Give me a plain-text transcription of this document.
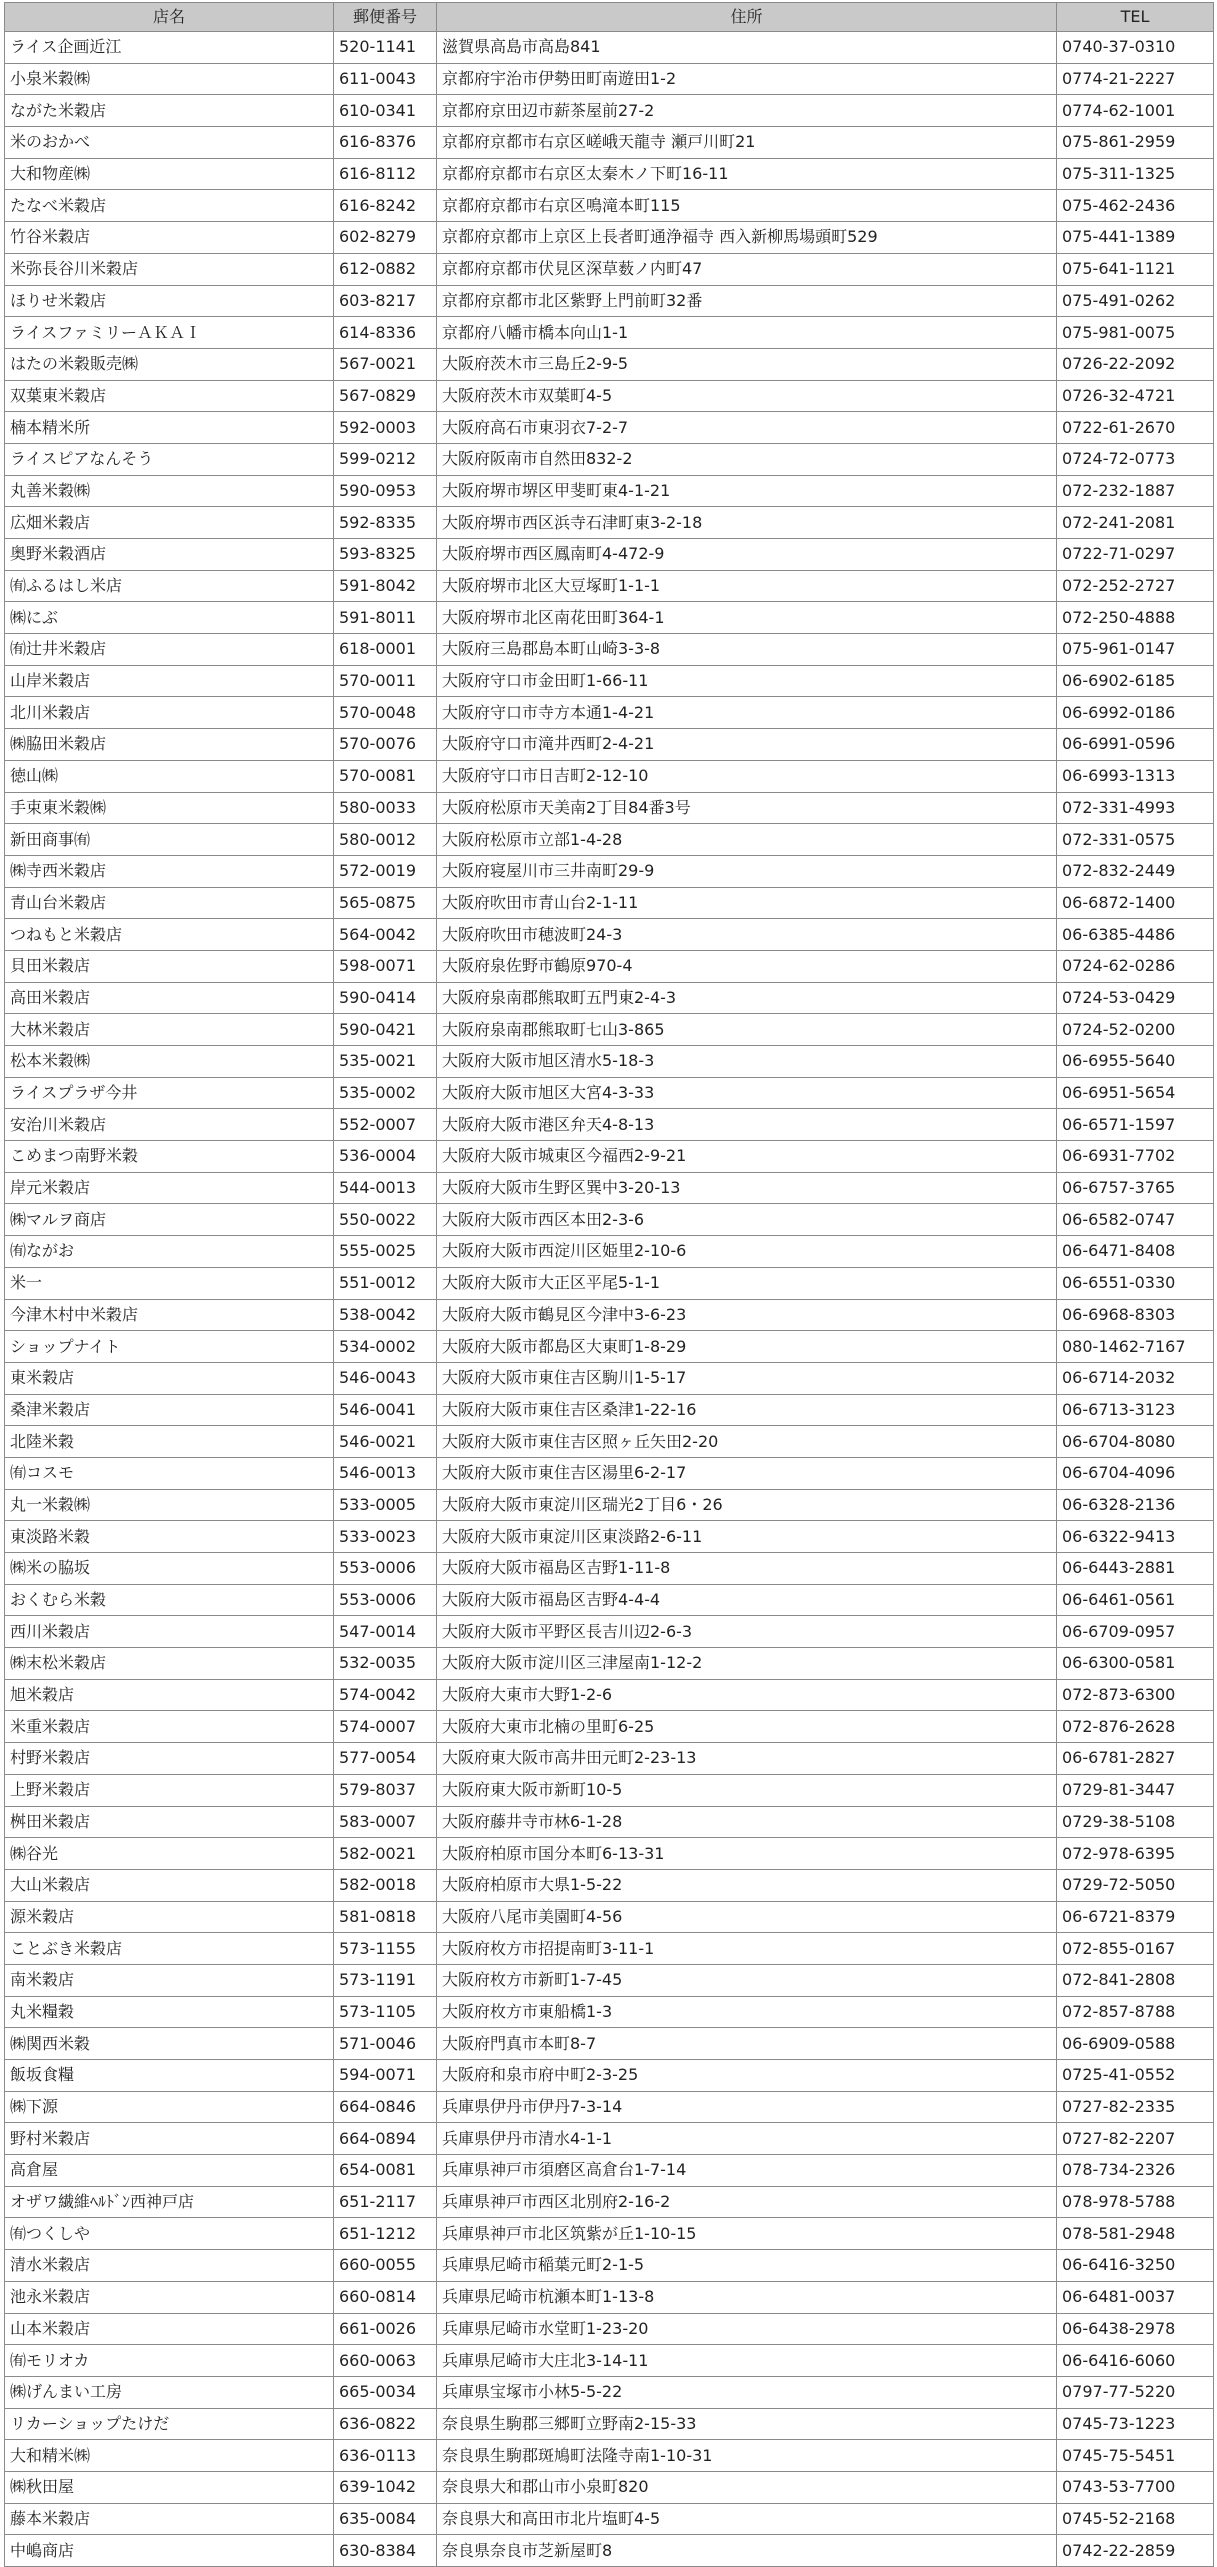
店名	郵便番号	住所	TEL
ライス企画近江	520-1141	滋賀県高島市高島841	0740-37-0310
小泉米穀㈱	611-0043	京都府宇治市伊勢田町南遊田1-2	0774-21-2227
ながた米穀店	610-0341	京都府京田辺市薪茶屋前27-2	0774-62-1001
米のおかべ	616-8376	京都府京都市右京区嵯峨天龍寺 瀬戸川町21	075-861-2959
大和物産㈱	616-8112	京都府京都市右京区太秦木ノ下町16-11	075-311-1325
たなべ米穀店	616-8242	京都府京都市右京区鳴滝本町115	075-462-2436
竹谷米穀店	602-8279	京都府京都市上京区上長者町通浄福寺 西入新柳馬場頭町529	075-441-1389
米弥長谷川米穀店	612-0882	京都府京都市伏見区深草薮ノ内町47	075-641-1121
ほりせ米穀店	603-8217	京都府京都市北区紫野上門前町32番	075-491-0262
ライスファミリーＡＫＡＩ	614-8336	京都府八幡市橋本向山1-1	075-981-0075
はたの米穀販売㈱	567-0021	大阪府茨木市三島丘2-9-5	0726-22-2092
双葉東米穀店	567-0829	大阪府茨木市双葉町4-5	0726-32-4721
楠本精米所	592-0003	大阪府高石市東羽衣7-2-7	0722-61-2670
ライスピアなんそう	599-0212	大阪府阪南市自然田832-2	0724-72-0773
丸善米穀㈱	590-0953	大阪府堺市堺区甲斐町東4-1-21	072-232-1887
広畑米穀店	592-8335	大阪府堺市西区浜寺石津町東3-2-18	072-241-2081
奥野米穀酒店	593-8325	大阪府堺市西区鳳南町4-472-9	0722-71-0297
㈲ふるはし米店	591-8042	大阪府堺市北区大豆塚町1-1-1	072-252-2727
㈱にぶ	591-8011	大阪府堺市北区南花田町364-1	072-250-4888
㈲辻井米穀店	618-0001	大阪府三島郡島本町山崎3-3-8	075-961-0147
山岸米穀店	570-0011	大阪府守口市金田町1-66-11	06-6902-6185
北川米穀店	570-0048	大阪府守口市寺方本通1-4-21	06-6992-0186
㈱脇田米穀店	570-0076	大阪府守口市滝井西町2-4-21	06-6991-0596
徳山㈱	570-0081	大阪府守口市日吉町2-12-10	06-6993-1313
手束東米穀㈱	580-0033	大阪府松原市天美南2丁目84番3号	072-331-4993
新田商事㈲	580-0012	大阪府松原市立部1-4-28	072-331-0575
㈱寺西米穀店	572-0019	大阪府寝屋川市三井南町29-9	072-832-2449
青山台米穀店	565-0875	大阪府吹田市青山台2-1-11	06-6872-1400
つねもと米穀店	564-0042	大阪府吹田市穂波町24-3	06-6385-4486
貝田米穀店	598-0071	大阪府泉佐野市鶴原970-4	0724-62-0286
高田米穀店	590-0414	大阪府泉南郡熊取町五門東2-4-3	0724-53-0429
大林米穀店	590-0421	大阪府泉南郡熊取町七山3-865	0724-52-0200
松本米穀㈱	535-0021	大阪府大阪市旭区清水5-18-3	06-6955-5640
ライスプラザ今井	535-0002	大阪府大阪市旭区大宮4-3-33	06-6951-5654
安治川米穀店	552-0007	大阪府大阪市港区弁天4-8-13	06-6571-1597
こめまつ南野米穀	536-0004	大阪府大阪市城東区今福西2-9-21	06-6931-7702
岸元米穀店	544-0013	大阪府大阪市生野区巽中3-20-13	06-6757-3765
㈱マルヲ商店	550-0022	大阪府大阪市西区本田2-3-6	06-6582-0747
㈲ながお	555-0025	大阪府大阪市西淀川区姫里2-10-6	06-6471-8408
米一	551-0012	大阪府大阪市大正区平尾5-1-1	06-6551-0330
今津木村中米穀店	538-0042	大阪府大阪市鶴見区今津中3-6-23	06-6968-8303
ショップナイト	534-0002	大阪府大阪市都島区大東町1-8-29	080-1462-7167
東米穀店	546-0043	大阪府大阪市東住吉区駒川1-5-17	06-6714-2032
桑津米穀店	546-0041	大阪府大阪市東住吉区桑津1-22-16	06-6713-3123
北陸米穀	546-0021	大阪府大阪市東住吉区照ヶ丘矢田2-20	06-6704-8080
㈲コスモ	546-0013	大阪府大阪市東住吉区湯里6-2-17	06-6704-4096
丸一米穀㈱	533-0005	大阪府大阪市東淀川区瑞光2丁目6・26	06-6328-2136
東淡路米穀	533-0023	大阪府大阪市東淀川区東淡路2-6-11	06-6322-9413
㈱米の脇坂	553-0006	大阪府大阪市福島区吉野1-11-8	06-6443-2881
おくむら米穀	553-0006	大阪府大阪市福島区吉野4-4-4	06-6461-0561
西川米穀店	547-0014	大阪府大阪市平野区長吉川辺2-6-3	06-6709-0957
㈱末松米穀店	532-0035	大阪府大阪市淀川区三津屋南1-12-2	06-6300-0581
旭米穀店	574-0042	大阪府大東市大野1-2-6	072-873-6300
米重米穀店	574-0007	大阪府大東市北楠の里町6-25	072-876-2628
村野米穀店	577-0054	大阪府東大阪市高井田元町2-23-13	06-6781-2827
上野米穀店	579-8037	大阪府東大阪市新町10-5	0729-81-3447
桝田米穀店	583-0007	大阪府藤井寺市林6-1-28	0729-38-5108
㈱谷光	582-0021	大阪府柏原市国分本町6-13-31	072-978-6395
大山米穀店	582-0018	大阪府柏原市大県1-5-22	0729-72-5050
源米穀店	581-0818	大阪府八尾市美園町4-56	06-6721-8379
ことぶき米穀店	573-1155	大阪府枚方市招提南町3-11-1	072-855-0167
南米穀店	573-1191	大阪府枚方市新町1-7-45	072-841-2808
丸米糧穀	573-1105	大阪府枚方市東船橋1-3	072-857-8788
㈱関西米穀	571-0046	大阪府門真市本町8-7	06-6909-0588
飯坂食糧	594-0071	大阪府和泉市府中町2-3-25	0725-41-0552
㈱下源	664-0846	兵庫県伊丹市伊丹7-3-14	0727-82-2335
野村米穀店	664-0894	兵庫県伊丹市清水4-1-1	0727-82-2207
高倉屋	654-0081	兵庫県神戸市須磨区高倉台1-7-14	078-734-2326
オザワ繊維ﾍﾙﾄﾞﾝ西神戸店	651-2117	兵庫県神戸市西区北別府2-16-2	078-978-5788
㈲つくしや	651-1212	兵庫県神戸市北区筑紫が丘1-10-15	078-581-2948
清水米穀店	660-0055	兵庫県尼崎市稲葉元町2-1-5	06-6416-3250
池永米穀店	660-0814	兵庫県尼崎市杭瀬本町1-13-8	06-6481-0037
山本米穀店	661-0026	兵庫県尼崎市水堂町1-23-20	06-6438-2978
㈲モリオカ	660-0063	兵庫県尼崎市大庄北3-14-11	06-6416-6060
㈱げんまい工房	665-0034	兵庫県宝塚市小林5-5-22	0797-77-5220
リカーショップたけだ	636-0822	奈良県生駒郡三郷町立野南2-15-33	0745-73-1223
大和精米㈱	636-0113	奈良県生駒郡斑鳩町法隆寺南1-10-31	0745-75-5451
㈱秋田屋	639-1042	奈良県大和郡山市小泉町820	0743-53-7700
藤本米穀店	635-0084	奈良県大和高田市北片塩町4-5	0745-52-2168
中嶋商店	630-8384	奈良県奈良市芝新屋町8	0742-22-2859
